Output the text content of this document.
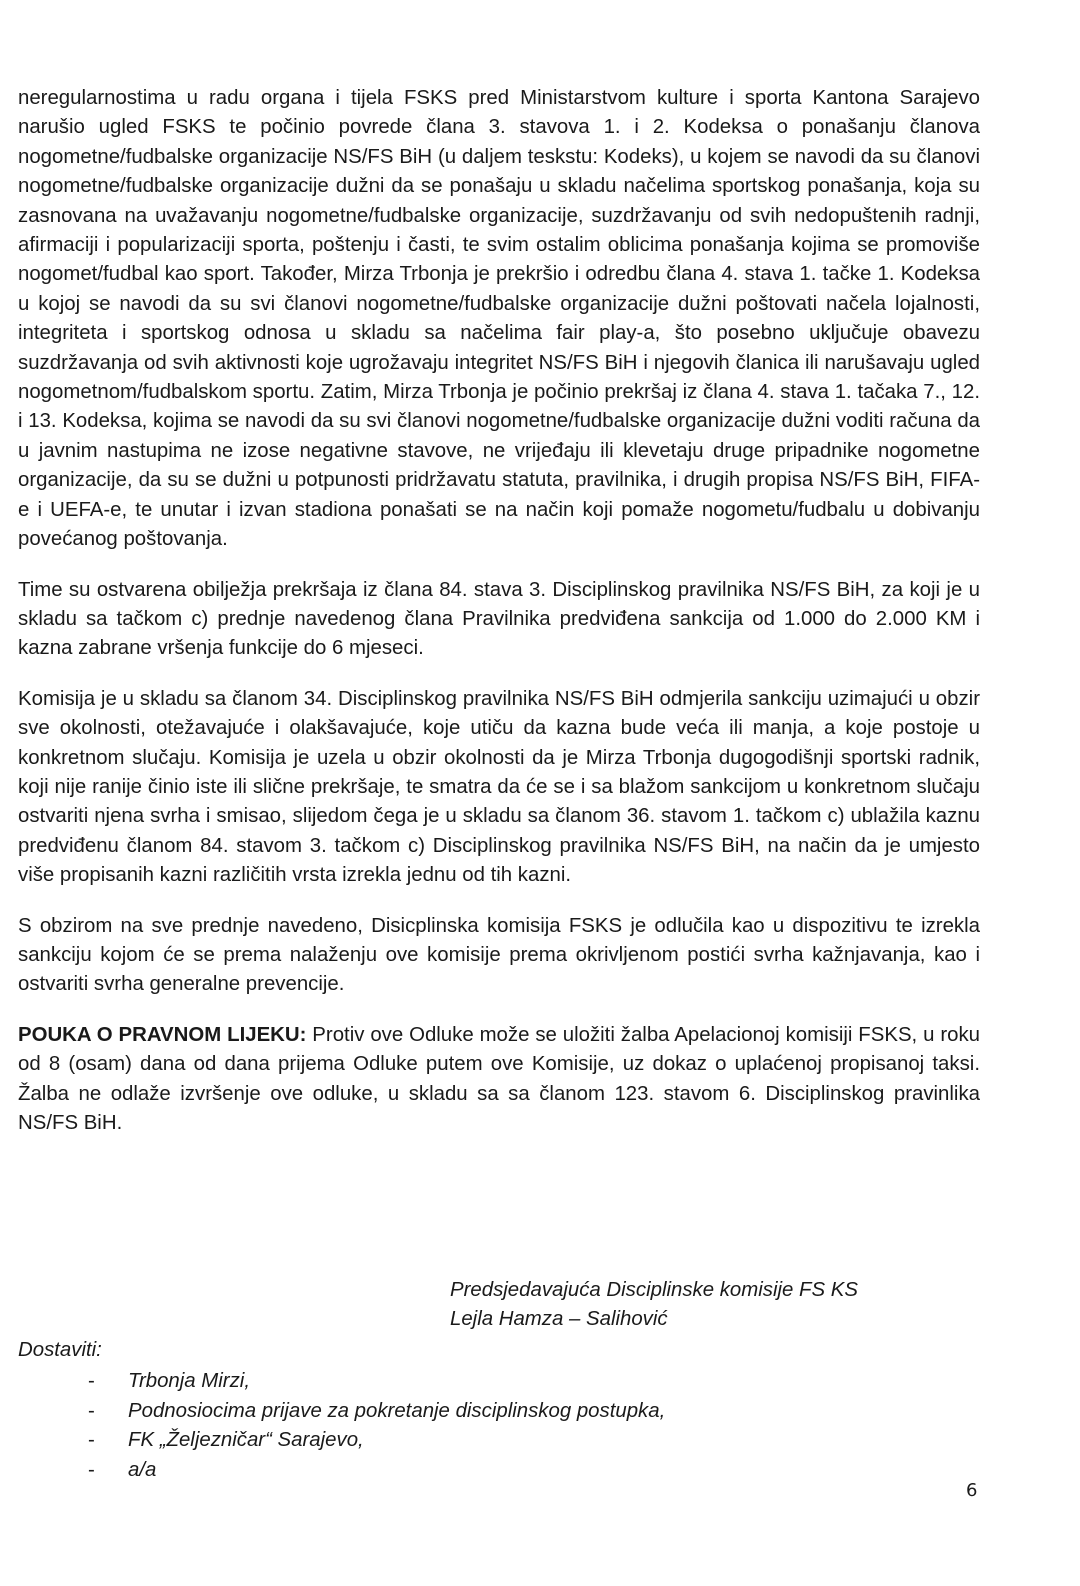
neregularnostima u radu organa i tijela FSKS pred Ministarstvom kulture i sporta Kantona Sarajevo narušio ugled FSKS te počinio povrede člana 3. stavova 1. i 2. Kodeksa o ponašanju članova nogometne/fudbalske organizacije NS/FS BiH (u daljem teskstu: Kodeks), u kojem se navodi da su članovi nogometne/fudbalske organizacije dužni da se ponašaju u skladu načelima sportskog ponašanja, koja su zasnovana na uvažavanju nogometne/fudbalske organizacije, suzdržavanju od svih nedopuštenih radnji, afirmaciji i popularizaciji sporta, poštenju i časti, te svim ostalim oblicima ponašanja kojima se promoviše nogomet/fudbal kao sport. Također, Mirza Trbonja je prekršio i odredbu člana 4. stava 1. tačke 1. Kodeksa u kojoj se navodi da su svi članovi nogometne/fudbalske organizacije dužni poštovati načela lojalnosti, integriteta i sportskog odnosa u skladu sa načelima fair play-a, što posebno uključuje obavezu suzdržavanja od svih aktivnosti koje ugrožavaju integritet NS/FS BiH i njegovih članica ili narušavaju ugled nogometnom/fudbalskom sportu. Zatim, Mirza Trbonja je počinio prekršaj iz člana 4. stava 1. tačaka 7., 12. i 13. Kodeksa, kojima se navodi da su svi članovi nogometne/fudbalske organizacije dužni voditi računa da u javnim nastupima ne izose negativne stavove, ne vrijeđaju ili klevetaju druge pripadnike nogometne organizacije, da su se dužni u potpunosti pridržavatu statuta, pravilnika, i drugih propisa NS/FS BiH, FIFA-e i UEFA-e, te unutar i izvan stadiona ponašati se na način koji pomaže nogometu/fudbalu u dobivanju povećanog poštovanja.

Time su ostvarena obilježja prekršaja iz člana 84. stava 3. Disciplinskog pravilnika NS/FS BiH, za koji je u skladu sa tačkom c) prednje navedenog člana Pravilnika predviđena sankcija od 1.000 do 2.000 KM i kazna zabrane vršenja funkcije do 6 mjeseci.

Komisija je u skladu sa članom 34. Disciplinskog pravilnika NS/FS BiH odmjerila sankciju uzimajući u obzir sve okolnosti, otežavajuće i olakšavajuće, koje utiču da kazna bude veća ili manja, a koje postoje u konkretnom slučaju. Komisija je uzela u obzir okolnosti da je Mirza Trbonja dugogodišnji sportski radnik, koji nije ranije činio iste ili slične prekršaje, te smatra da će se i sa blažom sankcijom u konkretnom slučaju ostvariti njena svrha i smisao, slijedom čega je u skladu sa članom 36. stavom 1. tačkom c) ublažila kaznu predviđenu članom 84. stavom 3. tačkom c) Disciplinskog pravilnika NS/FS BiH, na način da je umjesto više propisanih kazni različitih vrsta izrekla jednu od tih kazni.

S obzirom na sve prednje navedeno, Disicplinska komisija FSKS je odlučila kao u dispozitivu te izrekla sankciju kojom će se prema nalaženju ove komisije prema okrivljenom postići svrha kažnjavanja, kao i ostvariti svrha generalne prevencije.

POUKA O PRAVNOM LIJEKU: Protiv ove Odluke može se uložiti žalba Apelacionoj komisiji FSKS, u roku od 8 (osam) dana od dana prijema Odluke putem ove Komisije, uz dokaz o uplaćenoj propisanoj taksi. Žalba ne odlaže izvršenje ove odluke, u skladu sa sa članom 123. stavom 6. Disciplinskog pravinlika NS/FS BiH.

Predsjedavajuća Disciplinske komisije FS KS
Lejla Hamza – Salihović
Dostaviti:
- Trbonja Mirzi,
- Podnosiocima prijave za pokretanje disciplinskog postupka,
- FK „Željezničar“ Sarajevo,
- a/a
6
